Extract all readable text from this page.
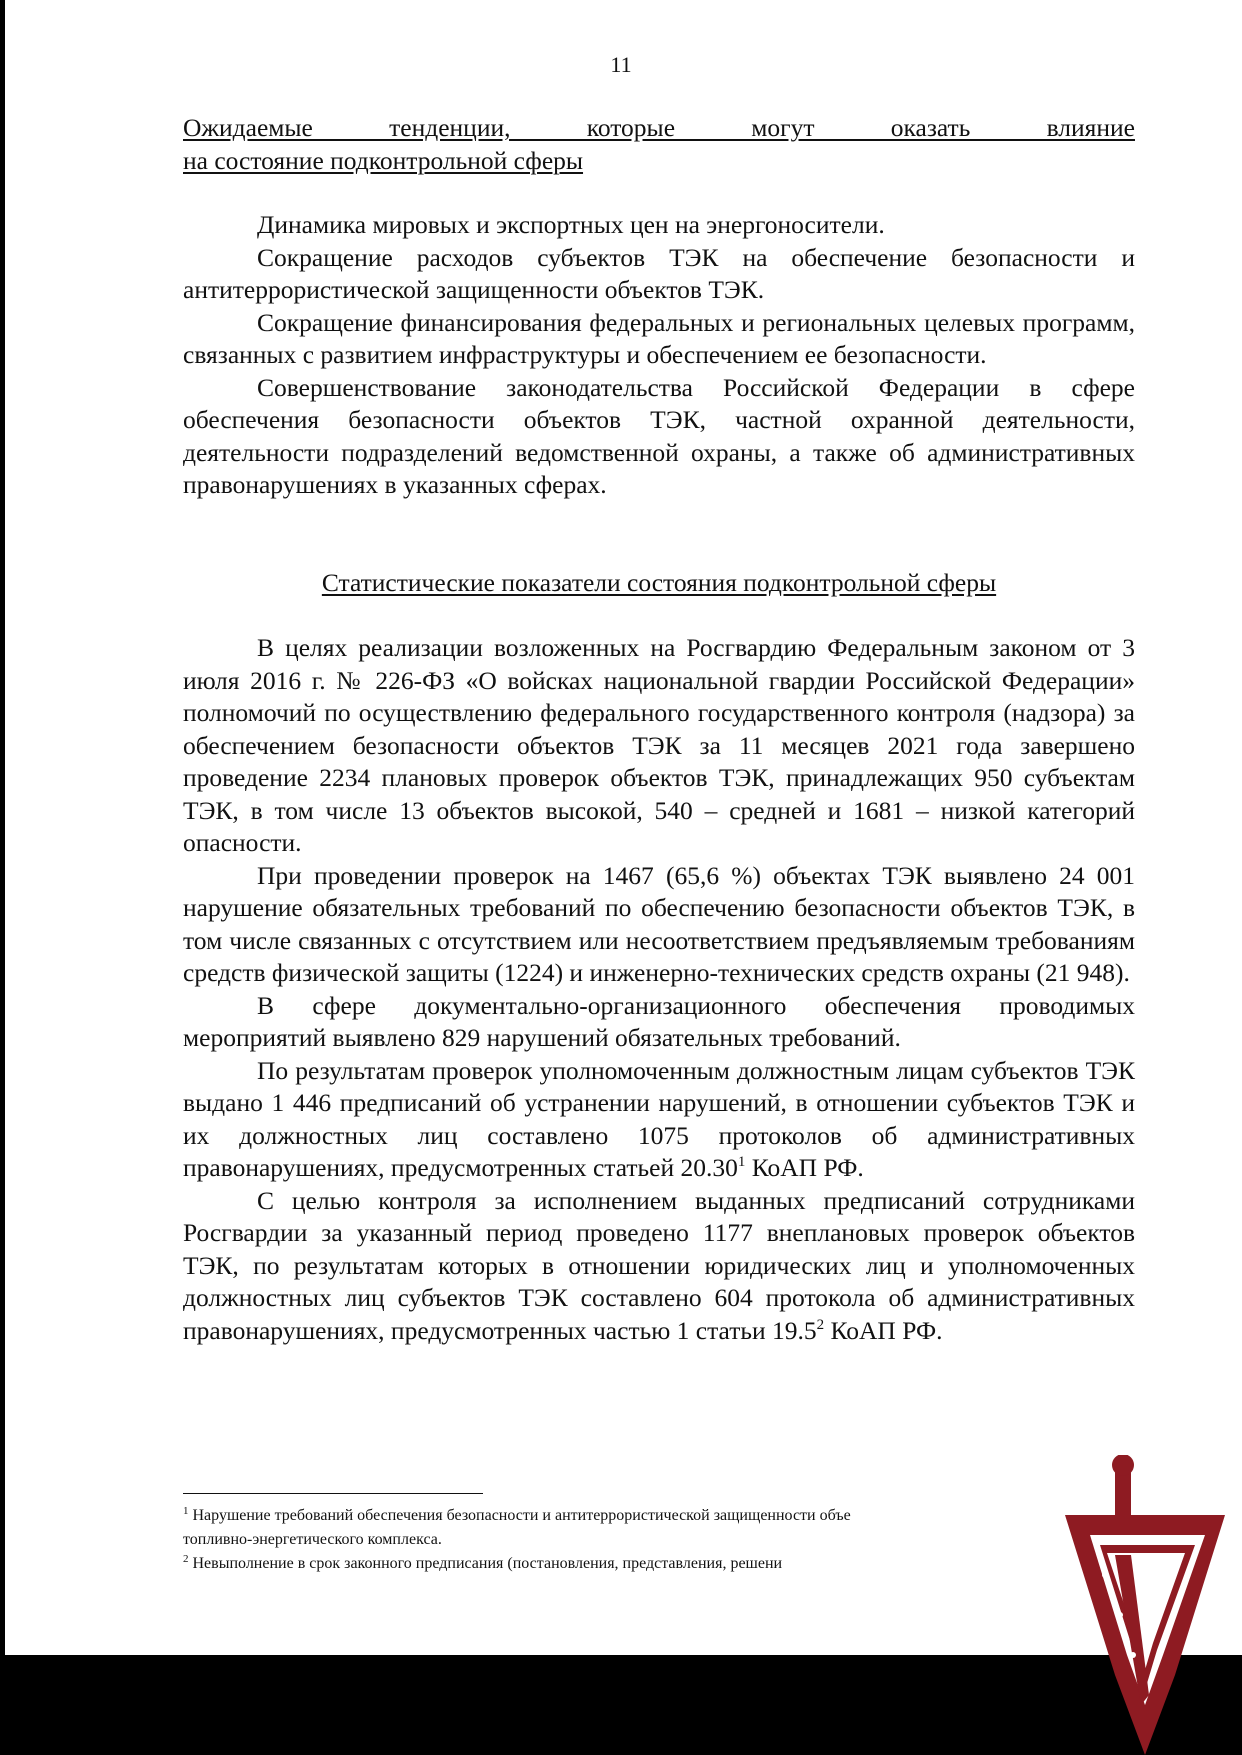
11
Ожидаемые тенденции, которые могут оказать влияние
на состояние подконтрольной сферы

Динамика мировых и экспортных цен на энергоносители.

Сокращение расходов субъектов ТЭК на обеспечение безопасности и антитеррористической защищенности объектов ТЭК.

Сокращение финансирования федеральных и региональных целевых программ, связанных с развитием инфраструктуры и обеспечением ее безопасности.

Совершенствование законодательства Российской Федерации в сфере обеспечения безопасности объектов ТЭК, частной охранной деятельности, деятельности подразделений ведомственной охраны, а также об административных правонарушениях в указанных сферах.

Статистические показатели состояния подконтрольной сферы

В целях реализации возложенных на Росгвардию Федеральным законом от 3 июля 2016 г. № 226-ФЗ «О войсках национальной гвардии Российской Федерации» полномочий по осуществлению федерального государственного контроля (надзора) за обеспечением безопасности объектов ТЭК за 11 месяцев 2021 года завершено проведение 2234 плановых проверок объектов ТЭК, принадлежащих 950 субъектам ТЭК, в том числе 13 объектов высокой, 540 – средней и 1681 – низкой категорий опасности.

При проведении проверок на 1467 (65,6 %) объектах ТЭК выявлено 24 001 нарушение обязательных требований по обеспечению безопасности объектов ТЭК, в том числе связанных с отсутствием или несоответствием предъявляемым требованиям средств физической защиты (1224) и инженерно-технических средств охраны (21 948).

В сфере документально-организационного обеспечения проводимых мероприятий выявлено 829 нарушений обязательных требований.

По результатам проверок уполномоченным должностным лицам субъектов ТЭК выдано 1 446 предписаний об устранении нарушений, в отношении субъектов ТЭК и их должностных лиц составлено 1075 протоколов об административных правонарушениях, предусмотренных статьей 20.30$^1$ КоАП РФ.

С целью контроля за исполнением выданных предписаний сотрудниками Росгвардии за указанный период проведено 1177 внеплановых проверок объектов ТЭК, по результатам которых в отношении юридических лиц и уполномоченных должностных лиц субъектов ТЭК составлено 604 протокола об административных правонарушениях, предусмотренных частью 1 статьи 19.5$^2$ КоАП РФ.

$^1$ Нарушение требований обеспечения безопасности и антитеррористической защищенности объе

топливно-энергетического комплекса.

$^2$ Невыполнение в срок законного предписания (постановления, представления, решени
